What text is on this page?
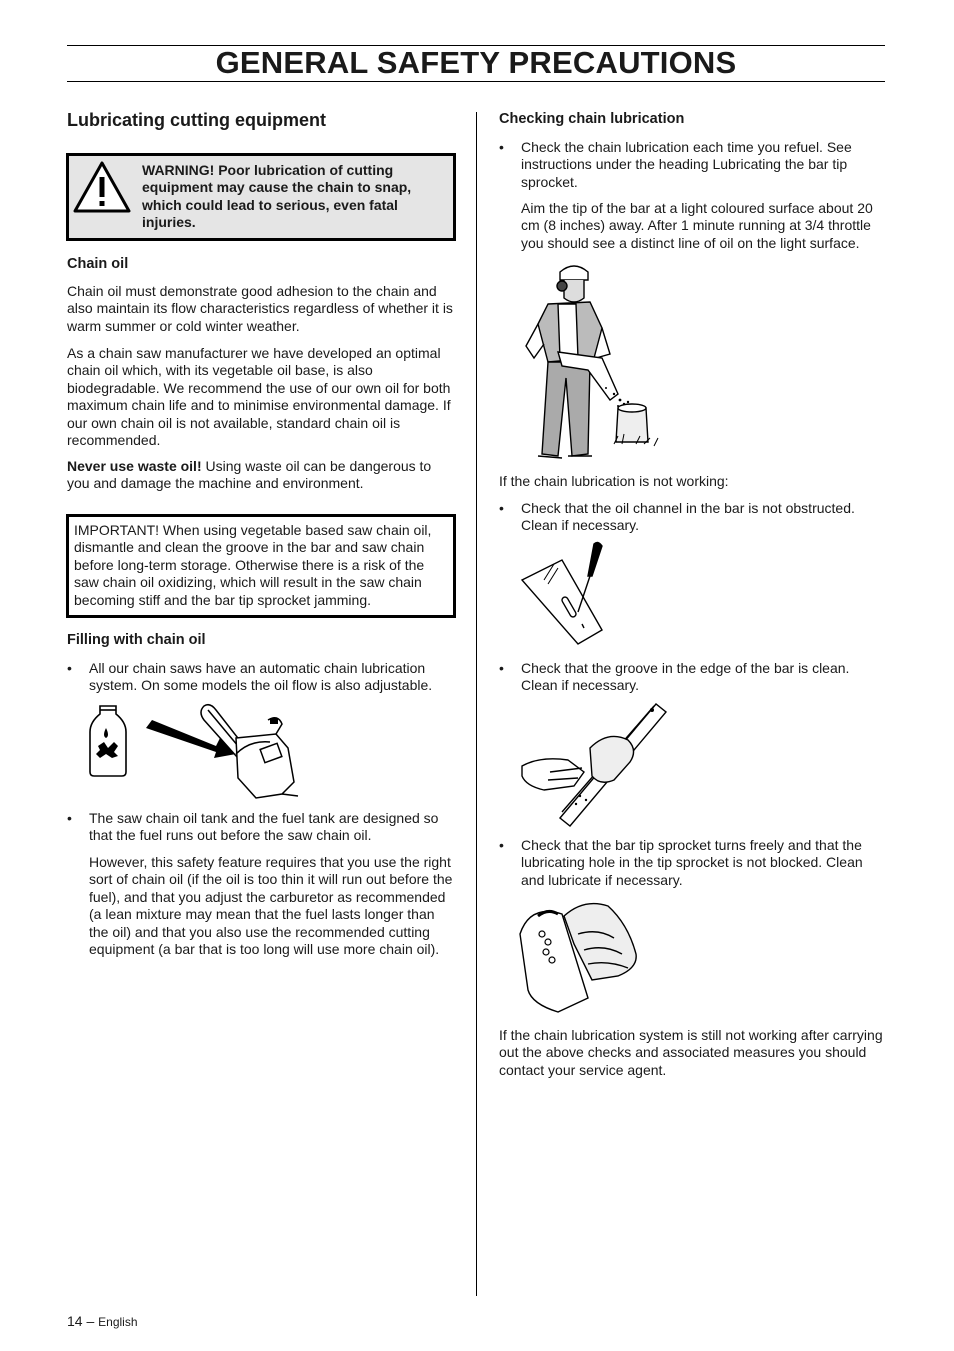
GENERAL SAFETY PRECAUTIONS
Lubricating cutting equipment
WARNING! Poor lubrication of cutting equipment may cause the chain to snap, which could lead to serious, even fatal injuries.
Chain oil

Chain oil must demonstrate good adhesion to the chain and also maintain its flow characteristics regardless of whether it is warm summer or cold winter weather.

As a chain saw manufacturer we have developed an optimal chain oil which, with its vegetable oil base, is also biodegradable. We recommend the use of our own oil for both maximum chain life and to minimise environmental damage. If our own chain oil is not available, standard chain oil is recommended.

Never use waste oil! Using waste oil can be dangerous to you and damage the machine and environment.

IMPORTANT! When using vegetable based saw chain oil, dismantle and clean the groove in the bar and saw chain before long-term storage. Otherwise there is a risk of the saw chain oil oxidizing, which will result in the saw chain becoming stiff and the bar tip sprocket jamming.
Filling with chain oil
•	All our chain saws have an automatic chain lubrication system. On some models the oil flow is also adjustable.
•	The saw chain oil tank and the fuel tank are designed so that the fuel runs out before the saw chain oil.

However, this safety feature requires that you use the right sort of chain oil (if the oil is too thin it will run out before the fuel), and that you adjust the carburetor as recommended (a lean mixture may mean that the fuel lasts longer than the oil) and that you also use the recommended cutting equipment (a bar that is too long will use more chain oil).

Checking chain lubrication
•	Check the chain lubrication each time you refuel. See instructions under the heading Lubricating the bar tip sprocket.

Aim the tip of the bar at a light coloured surface about 20 cm (8 inches) away. After 1 minute running at 3/4 throttle you should see a distinct line of oil on the light surface.

If the chain lubrication is not working:

•	Check that the oil channel in the bar is not obstructed. Clean if necessary.
•	Check that the groove in the edge of the bar is clean. Clean if necessary.
•	Check that the bar tip sprocket turns freely and that the lubricating hole in the tip sprocket is not blocked. Clean and lubricate if necessary.

If the chain lubrication system is still not working after carrying out the above checks and associated measures you should contact your service agent.

14 – English
